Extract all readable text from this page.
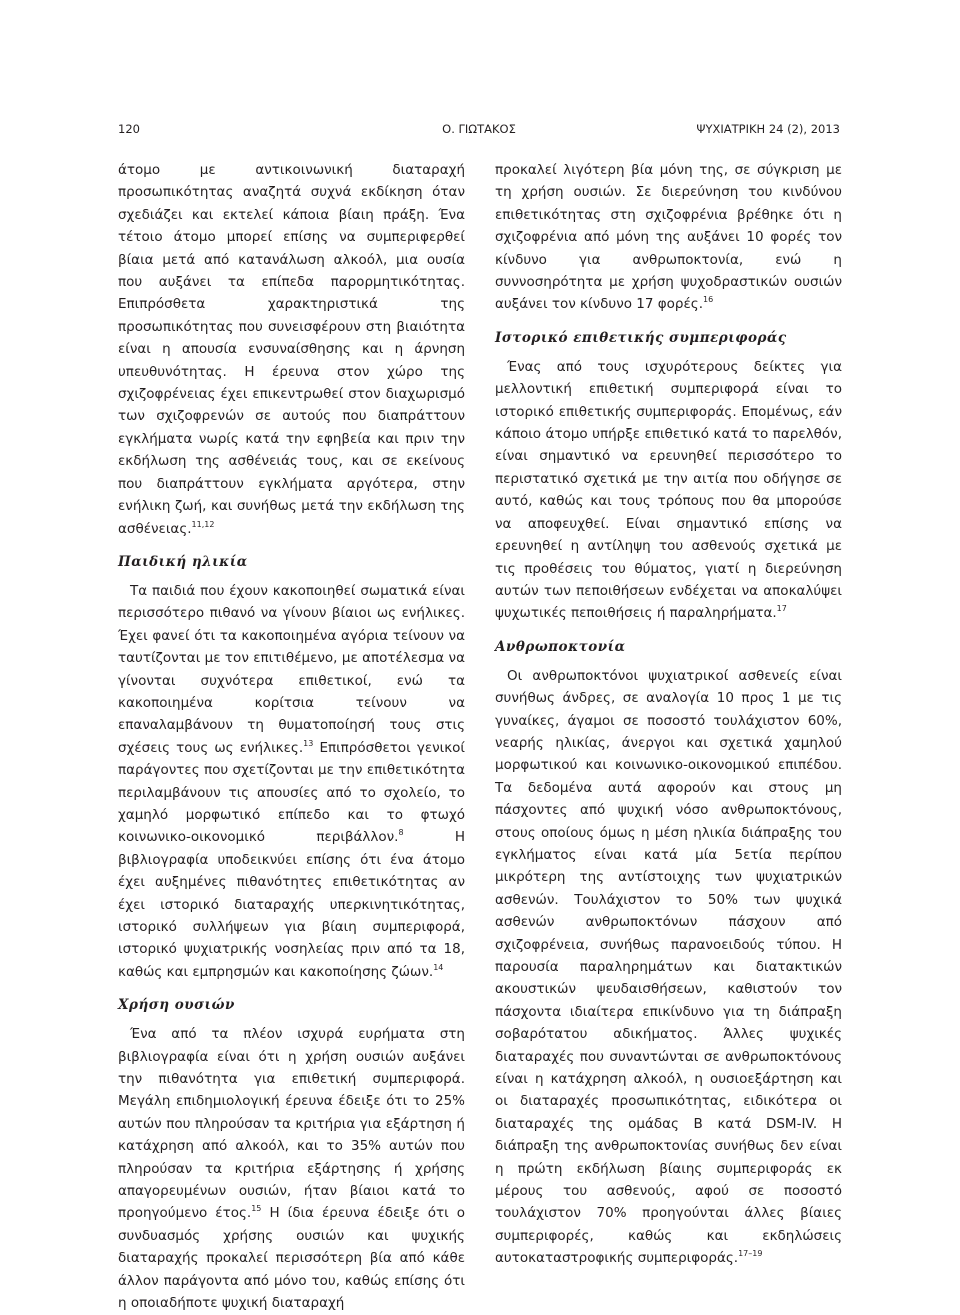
120	Ο. ΓΙΩΤΑΚΟΣ	ΨΥΧΙΑΤΡΙΚΗ 24 (2), 2013

άτομο με αντικοινωνική διαταραχή προσωπικότητας αναζητά συχνά εκδίκηση όταν σχεδιάζει και εκτελεί κάποια βίαιη πράξη. Ένα τέτοιο άτομο μπορεί επίσης να συμπεριφερθεί βίαια μετά από κατανάλωση αλκοόλ, μια ουσία που αυξάνει τα επίπεδα παρορμητικότητας. Επιπρόσθετα χαρακτηριστικά της προσωπικότητας που συνεισφέρουν στη βιαιότητα είναι η απουσία ενσυναίσθησης και η άρνηση υπευθυνότητας. Η έρευνα στον χώρο της σχιζοφρένειας έχει επικεντρωθεί στον διαχωρισμό των σχιζοφρενών σε αυτούς που διαπράττουν εγκλήματα νωρίς κατά την εφηβεία και πριν την εκδήλωση της ασθένειάς τους, και σε εκείνους που διαπράττουν εγκλήματα αργότερα, στην ενήλικη ζωή, και συνήθως μετά την εκδήλωση της ασθένειας.$^{11,12}$

Παιδική ηλικία

Τα παιδιά που έχουν κακοποιηθεί σωματικά είναι περισσότερο πιθανό να γίνουν βίαιοι ως ενήλικες. Έχει φανεί ότι τα κακοποιημένα αγόρια τείνουν να ταυτίζονται με τον επιτιθέμενο, με αποτέλεσμα να γίνονται συχνότερα επιθετικοί, ενώ τα κακοποιημένα κορίτσια τείνουν να επαναλαμβάνουν τη θυματοποίησή τους στις σχέσεις τους ως ενήλικες.$^{13}$ Επιπρόσθετοι γενικοί παράγοντες που σχετίζονται με την επιθετικότητα περιλαμβάνουν τις απουσίες από το σχολείο, το χαμηλό μορφωτικό επίπεδο και το φτωχό κοινωνικο-οικονομικό περιβάλλον.$^8$ Η βιβλιογραφία υποδεικνύει επίσης ότι ένα άτομο έχει αυξημένες πιθανότητες επιθετικότητας αν έχει ιστορικό διαταραχής υπερκινητικότητας, ιστορικό συλλήψεων για βίαιη συμπεριφορά, ιστορικό ψυχιατρικής νοσηλείας πριν από τα 18, καθώς και εμπρησμών και κακοποίησης ζώων.$^{14}$

Χρήση ουσιών

Ένα από τα πλέον ισχυρά ευρήματα στη βιβλιογραφία είναι ότι η χρήση ουσιών αυξάνει την πιθανότητα για επιθετική συμπεριφορά. Μεγάλη επιδημιολογική έρευνα έδειξε ότι το 25% αυτών που πληρούσαν τα κριτήρια για εξάρτηση ή κατάχρηση από αλκοόλ, και το 35% αυτών που πληρούσαν τα κριτήρια εξάρτησης ή χρήσης απαγορευμένων ουσιών, ήταν βίαιοι κατά το προηγούμενο έτος.$^{15}$ Η ίδια έρευνα έδειξε ότι ο συνδυασμός χρήσης ουσιών και ψυχικής διαταραχής προκαλεί περισσότερη βία από κάθε άλλον παράγοντα από μόνο του, καθώς επίσης ότι η οποιαδήποτε ψυχική διαταραχή

προκαλεί λιγότερη βία μόνη της, σε σύγκριση με τη χρήση ουσιών. Σε διερεύνηση του κινδύνου επιθετικότητας στη σχιζοφρένια βρέθηκε ότι η σχιζοφρένια από μόνη της αυξάνει 10 φορές τον κίνδυνο για ανθρωποκτονία, ενώ η συννοσηρότητα με χρήση ψυχοδραστικών ουσιών αυξάνει τον κίνδυνο 17 φορές.$^{16}$

Ιστορικό επιθετικής συμπεριφοράς

Ένας από τους ισχυρότερους δείκτες για μελλοντική επιθετική συμπεριφορά είναι το ιστορικό επιθετικής συμπεριφοράς. Επομένως, εάν κάποιο άτομο υπήρξε επιθετικό κατά το παρελθόν, είναι σημαντικό να ερευνηθεί περισσότερο το περιστατικό σχετικά με την αιτία που οδήγησε σε αυτό, καθώς και τους τρόπους που θα μπορούσε να αποφευχθεί. Είναι σημαντικό επίσης να ερευνηθεί η αντίληψη του ασθενούς σχετικά με τις προθέσεις του θύματος, γιατί η διερεύνηση αυτών των πεποιθήσεων ενδέχεται να αποκαλύψει ψυχωτικές πεποιθήσεις ή παραληρήματα.$^{17}$

Ανθρωποκτονία

Οι ανθρωποκτόνοι ψυχιατρικοί ασθενείς είναι συνήθως άνδρες, σε αναλογία 10 προς 1 με τις γυναίκες, άγαμοι σε ποσοστό τουλάχιστον 60%, νεαρής ηλικίας, άνεργοι και σχετικά χαμηλού μορφωτικού και κοινωνικο-οικονομικού επιπέδου. Τα δεδομένα αυτά αφορούν και στους μη πάσχοντες από ψυχική νόσο ανθρωποκτόνους, στους οποίους όμως η μέση ηλικία διάπραξης του εγκλήματος είναι κατά μία 5ετία περίπου μικρότερη της αντίστοιχης των ψυχιατρικών ασθενών. Τουλάχιστον το 50% των ψυχικά ασθενών ανθρωποκτόνων πάσχουν από σχιζοφρένεια, συνήθως παρανοειδούς τύπου. Η παρουσία παραληρημάτων και διατακτικών ακουστικών ψευδαισθήσεων, καθιστούν τον πάσχοντα ιδιαίτερα επικίνδυνο για τη διάπραξη σοβαρότατου αδικήματος. Άλλες ψυχικές διαταραχές που συναντώνται σε ανθρωποκτόνους είναι η κατάχρηση αλκοόλ, η ουσιοεξάρτηση και οι διαταραχές προσωπικότητας, ειδικότερα οι διαταραχές της ομάδας Β κατά DSM-IV. Η διάπραξη της ανθρωποκτονίας συνήθως δεν είναι η πρώτη εκδήλωση βίαιης συμπεριφοράς εκ μέρους του ασθενούς, αφού σε ποσοστό τουλάχιστον 70% προηγούνται άλλες βίαιες συμπεριφορές, καθώς και εκδηλώσεις αυτοκαταστροφικής συμπεριφοράς.$^{17-19}$
